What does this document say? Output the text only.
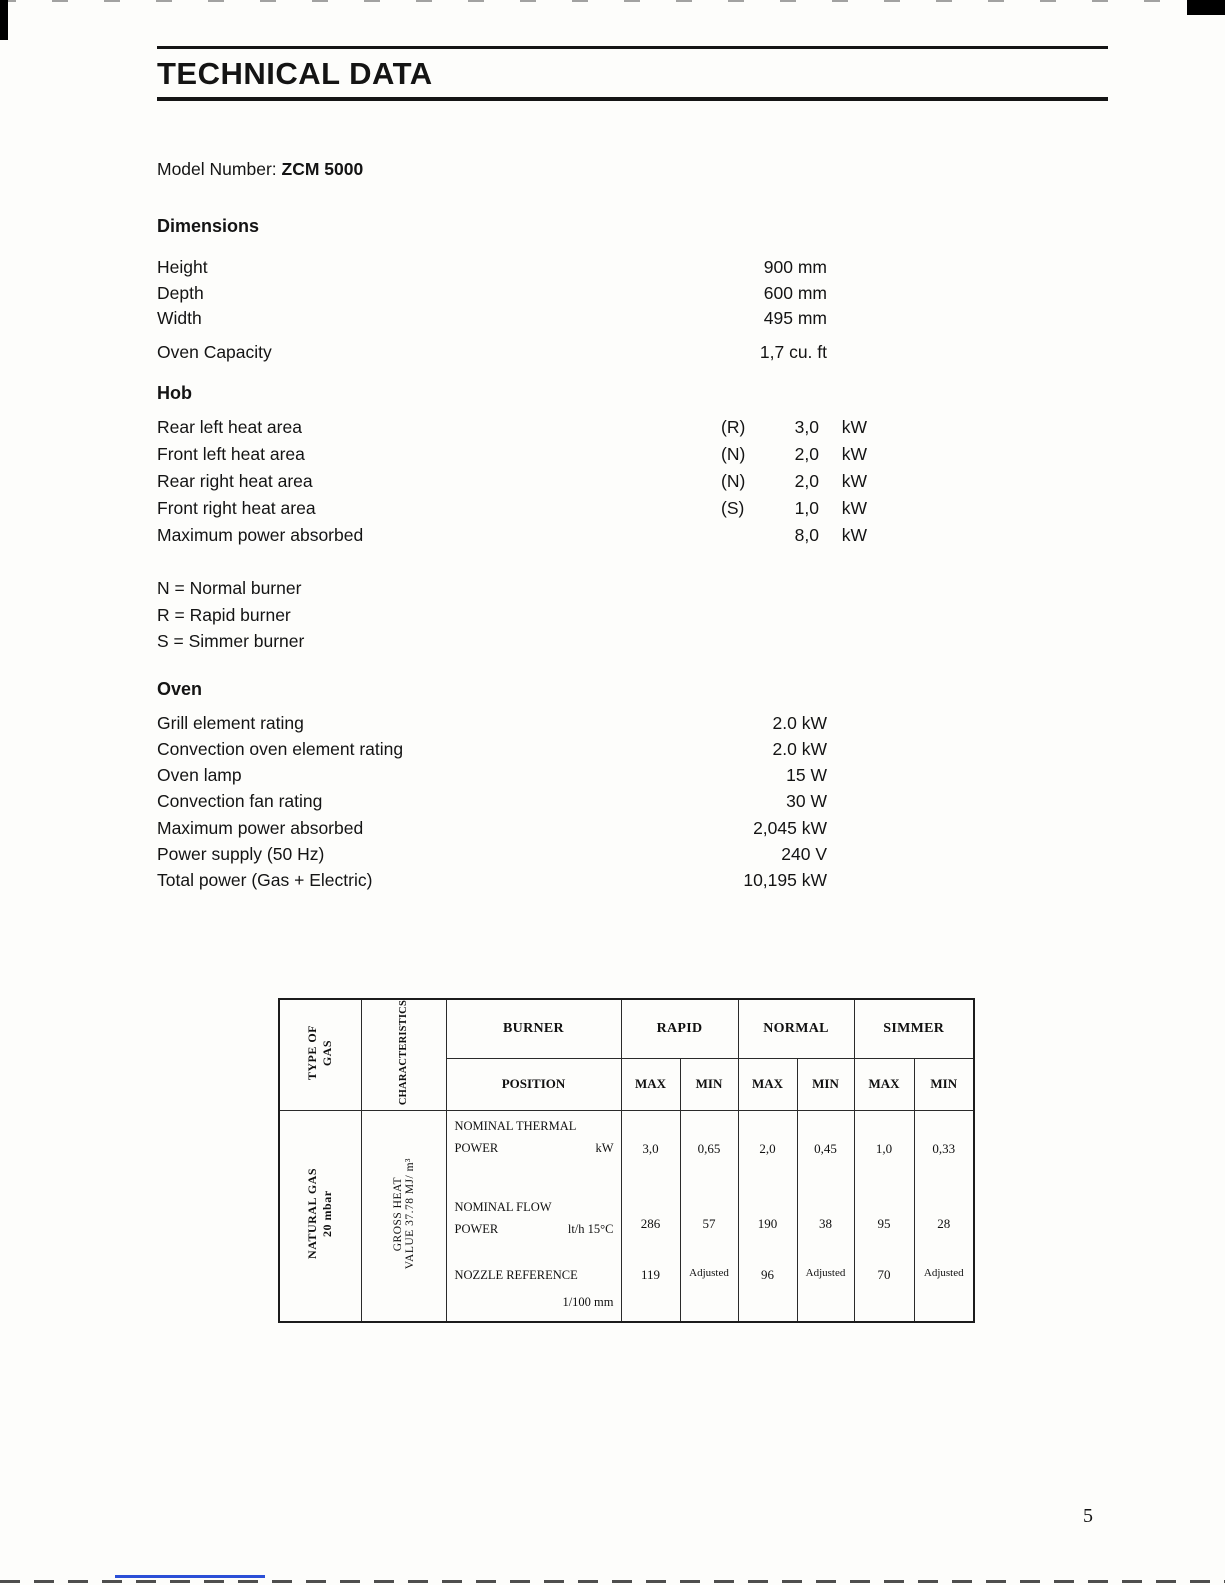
TECHNICAL DATA
Model Number: ZCM 5000
Dimensions
Height	900 mm
Depth	600 mm
Width	495 mm
Oven Capacity	1,7 cu. ft
Hob
Rear left heat area	(R)	3,0	kW
Front left heat area	(N)	2,0	kW
Rear right heat area	(N)	2,0	kW
Front right heat area	(S)	1,0	kW
Maximum power absorbed	8,0	kW
N = Normal burner
R = Rapid burner
S = Simmer burner
Oven
Grill element rating	2.0 kW
Convection oven element rating	2.0 kW
Oven lamp	15 W
Convection fan rating	30 W
Maximum power absorbed	2,045 kW
Power supply (50 Hz)	240 V
Total power (Gas + Electric)	10,195 kW
TYPE OF GAS	CHARACTERISTICS	BURNER	RAPID		NORMAL		SIMMER	
		POSITION	MAX	MIN	MAX	MIN	MAX	MIN

NATURAL GAS 20 mbar	GROSS HEAT VALUE 37.78 MJ/ m³

NOMINAL THERMAL
POWER	kW	3,0	0,65	2,0	0,45	1,0	0,33

		NOMINAL FLOW
POWER lt/h 15°C	286	57	190	38	95	28

		NOZZLE REFERENCE
1/100 mm	119	Adjusted	96	Adjusted	70	Adjusted
5
